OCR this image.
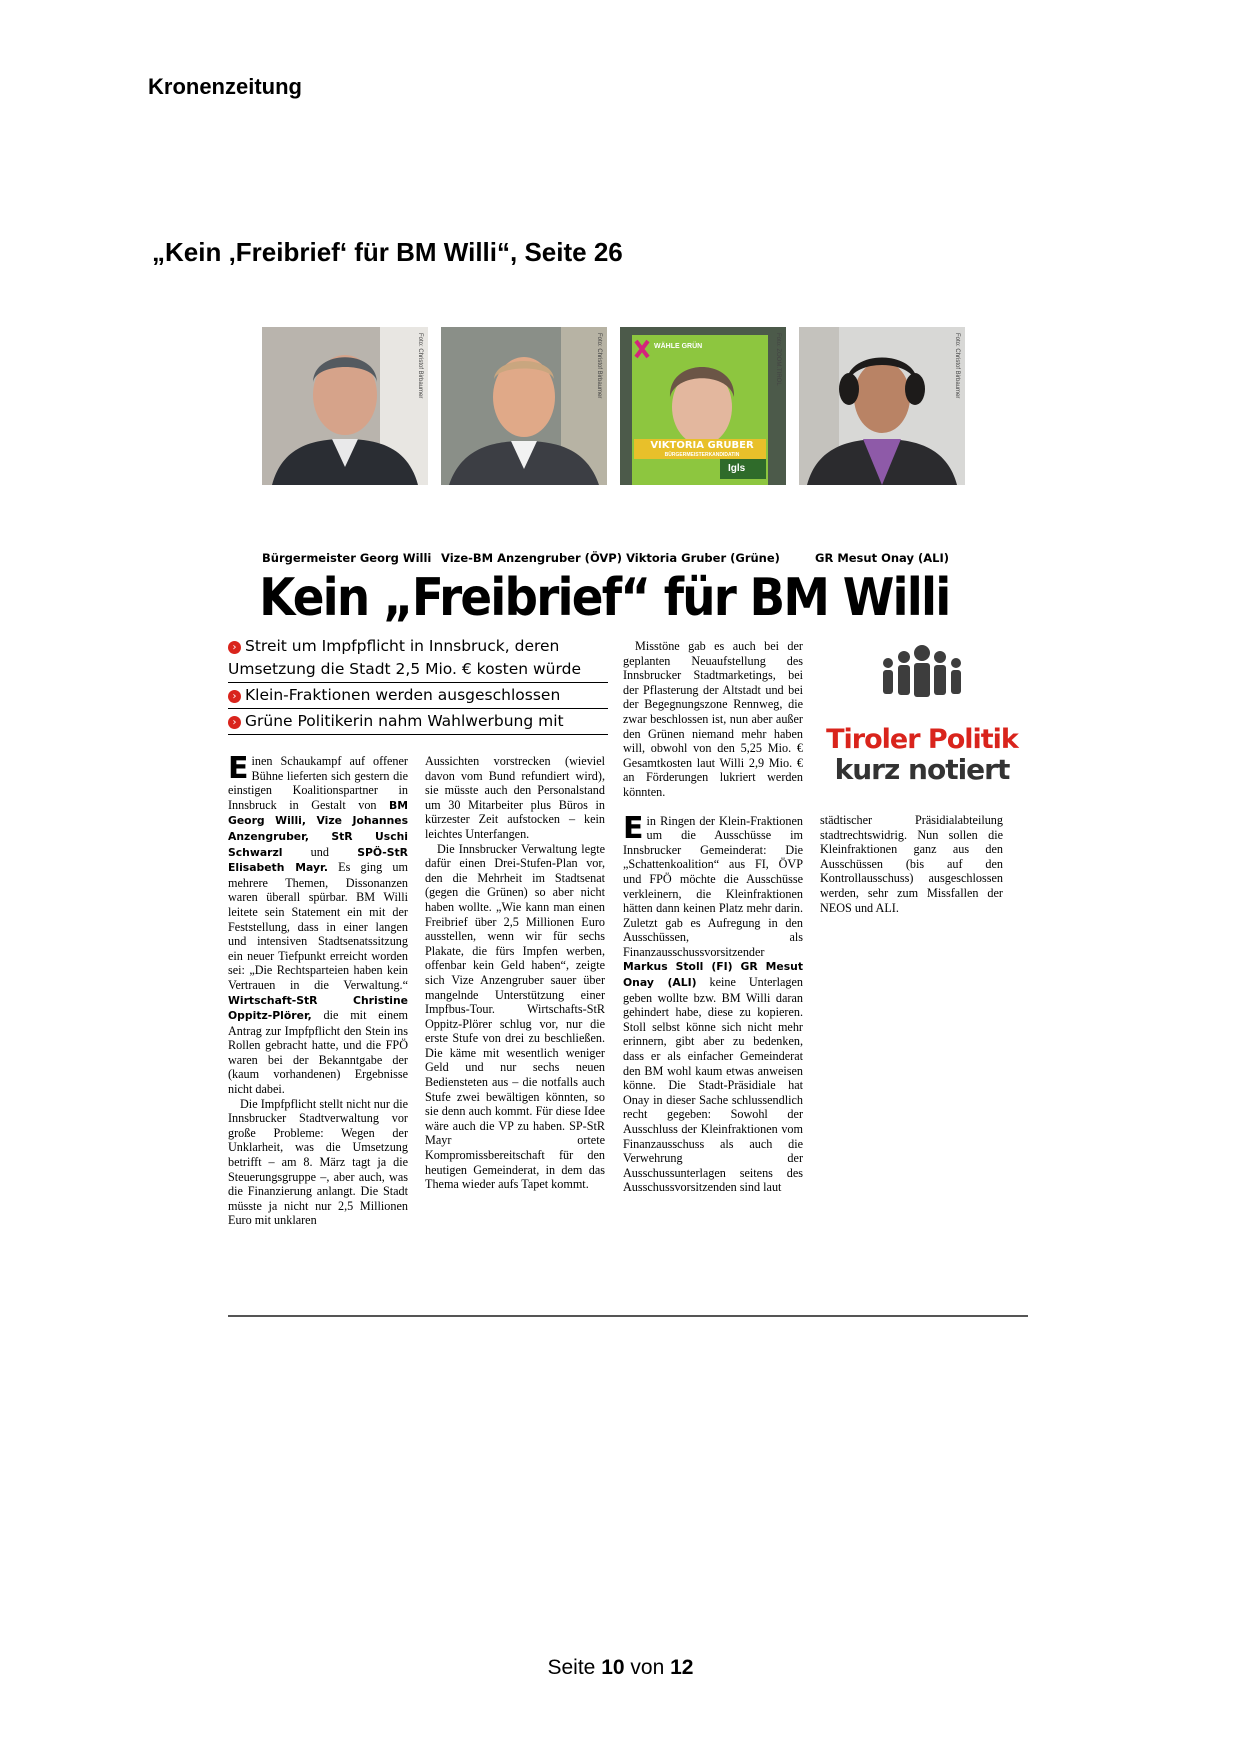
Kronenzeitung
„Kein ‚Freibrief‘ für BM Willi“, Seite 26
Foto: Christof Birbaumer	Foto: Christof Birbaumer	WÄHLE GRÜN
VIKTORIA GRUBER
BÜRGERMEISTERKANDIDATIN
Igls
Foto: ZOOM.TIROL	Foto: Christof Birbaumer
Bürgermeister Georg Willi Vize-BM Anzengruber (ÖVP) Viktoria Gruber (Grüne)	GR Mesut Onay (ALI)
Kein „Freibrief“ für BM Willi
› Streit um Impfpflicht in Innsbruck, deren
Umsetzung die Stadt 2,5 Mio. € kosten würde
› Klein-Fraktionen werden ausgeschlossen
› Grüne Politikerin nahm Wahlwerbung mit

Einen Schaukampf auf offener Bühne lieferten sich gestern die einstigen Koalitionspartner in Innsbruck in Gestalt von BM Georg Willi, Vize Johannes Anzengruber, StR Uschi Schwarzl und SPÖ-StR Elisabeth Mayr. Es ging um mehrere Themen, Dissonanzen waren überall spürbar. BM Willi leitete sein Statement ein mit der Feststellung, dass in einer langen und intensiven Stadtsenatssitzung ein neuer Tiefpunkt erreicht worden sei: „Die Rechtsparteien haben kein Vertrauen in die Verwaltung.“ Wirtschaft-StR Christine Oppitz-Plörer, die mit einem Antrag zur Impfpflicht den Stein ins Rollen gebracht hatte, und die FPÖ waren bei der Bekanntgabe der (kaum vorhandenen) Ergebnisse nicht dabei.

Die Impfpflicht stellt nicht nur die Innsbrucker Stadtverwaltung vor große Probleme: Wegen der Unklarheit, was die Umsetzung betrifft – am 8. März tagt ja die Steuerungsgruppe –, aber auch, was die Finanzierung anlangt. Die Stadt müsste ja nicht nur 2,5 Millionen Euro mit unklaren

Aussichten vorstrecken (wieviel davon vom Bund refundiert wird), sie müsste auch den Personalstand um 30 Mitarbeiter plus Büros in kürzester Zeit aufstocken – kein leichtes Unterfangen.

Die Innsbrucker Verwaltung legte dafür einen Drei-Stufen-Plan vor, den die Mehrheit im Stadtsenat (gegen die Grünen) so aber nicht haben wollte. „Wie kann man einen Freibrief über 2,5 Millionen Euro ausstellen, wenn wir für sechs Plakate, die fürs Impfen werben, offenbar kein Geld haben“, zeigte sich Vize Anzengruber sauer über mangelnde Unterstützung einer Impfbus-Tour. Wirtschafts-StR Oppitz-Plörer schlug vor, nur die erste Stufe von drei zu beschließen. Die käme mit wesentlich weniger Geld und nur sechs neuen Bediensteten aus – die notfalls auch Stufe zwei bewältigen könnten, so sie denn auch kommt. Für diese Idee wäre auch die VP zu haben. SP-StR Mayr ortete Kompromissbereitschaft für den heutigen Gemeinderat, in dem das Thema wieder aufs Tapet kommt.

Misstöne gab es auch bei der geplanten Neuaufstellung des Innsbrucker Stadtmarketings, bei der Pflasterung der Altstadt und bei der Begegnungszone Rennweg, die zwar beschlossen ist, nun aber außer den Grünen niemand mehr haben will, obwohl von den 5,25 Mio. € Gesamtkosten laut Willi 2,9 Mio. € an Förderungen lukriert werden könnten.

Ein Ringen der Klein-Fraktionen um die Ausschüsse im Innsbrucker Gemeinderat: Die „Schattenkoalition“ aus FI, ÖVP und FPÖ möchte die Ausschüsse verkleinern, die Kleinfraktionen hätten dann keinen Platz mehr darin. Zuletzt gab es Aufregung in den Ausschüssen, als Finanzausschussvorsitzender Markus Stoll (FI) GR Mesut Onay (ALI) keine Unterlagen geben wollte bzw. BM Willi daran gehindert habe, diese zu kopieren. Stoll selbst könne sich nicht mehr erinnern, gibt aber zu bedenken, dass er als einfacher Gemeinderat den BM wohl kaum etwas anweisen könne. Die Stadt-Präsidiale hat Onay in dieser Sache schlussendlich recht gegeben: Sowohl der Ausschluss der Kleinfraktionen vom Finanzausschuss als auch die Verwehrung der Ausschussunterlagen seitens des Ausschussvorsitzenden sind laut

Tiroler Politik
kurz notiert

städtischer Präsidialabteilung stadtrechtswidrig. Nun sollen die Kleinfraktionen ganz aus den Ausschüssen (bis auf den Kontrollausschuss) ausgeschlossen werden, sehr zum Missfallen der NEOS und ALI.

Seite 10 von 12
